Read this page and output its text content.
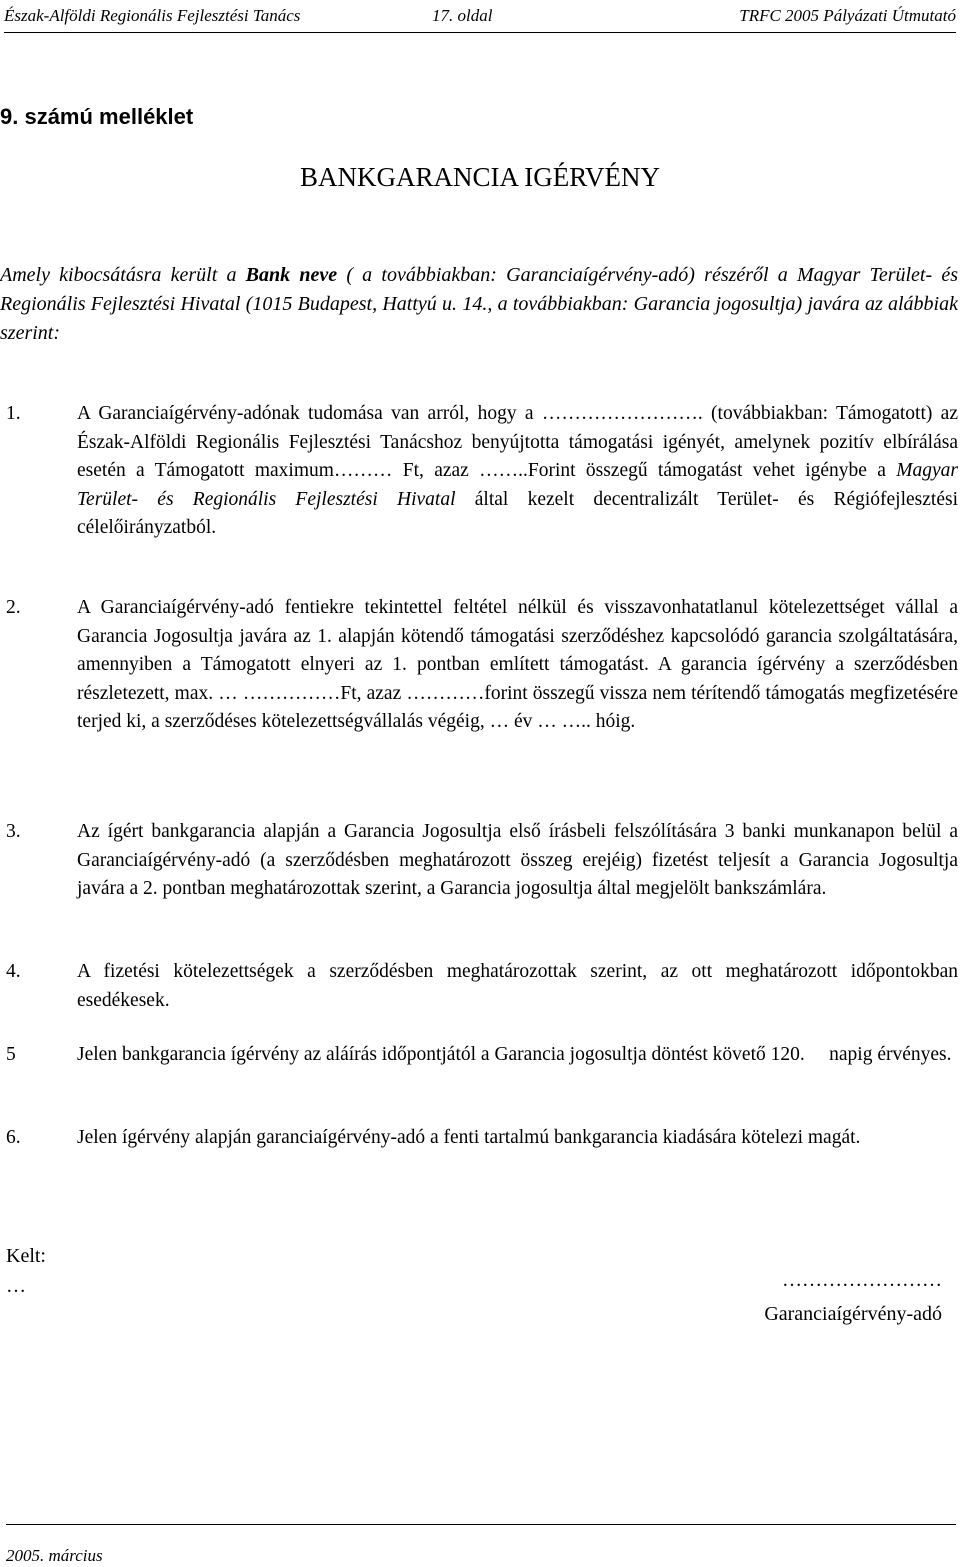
Észak-Alföldi Regionális Fejlesztési Tanács	17. oldal	TRFC 2005 Pályázati Útmutató
9. számú melléklet
BANKGARANCIA IGÉRVÉNY
Amely kibocsátásra került a Bank neve ( a továbbiakban: Garanciaígérvény-adó) részéről a Magyar Terület- és Regionális Fejlesztési Hivatal (1015 Budapest, Hattyú u. 14., a továbbiakban: Garancia jogosultja) javára az alábbiak szerint:
1.	A Garanciaígérvény-adónak tudomása van arról, hogy a ……………………. (továbbiakban: Támogatott) az Észak-Alföldi Regionális Fejlesztési Tanácshoz benyújtotta támogatási igényét, amelynek pozitív elbírálása esetén a Támogatott maximum……… Ft, azaz ……..Forint összegű támogatást vehet igénybe a Magyar Terület- és Regionális Fejlesztési Hivatal által kezelt decentralizált Terület- és Régiófejlesztési célelőirányzatból.
2.	A Garanciaígérvény-adó fentiekre tekintettel feltétel nélkül és visszavonhatatlanul kötelezettséget vállal a Garancia Jogosultja javára az 1. alapján kötendő támogatási szerződéshez kapcsolódó garancia szolgáltatására, amennyiben a Támogatott elnyeri az 1. pontban említett támogatást. A garancia ígérvény a szerződésben részletezett, max. … ……………Ft, azaz …………forint összegű vissza nem térítendő támogatás megfizetésére terjed ki, a szerződéses kötelezettségvállalás végéig, … év … ….. hóig.
3.	Az ígért bankgarancia alapján a Garancia Jogosultja első írásbeli felszólítására 3 banki munkanapon belül a Garanciaígérvény-adó (a szerződésben meghatározott összeg erejéig) fizetést teljesít a Garancia Jogosultja javára a 2. pontban meghatározottak szerint, a Garancia jogosultja által megjelölt bankszámlára.
4.	A fizetési kötelezettségek a szerződésben meghatározottak szerint, az ott meghatározott időpontokban esedékesek.
5	Jelen bankgarancia ígérvény az aláírás időpontjától a Garancia jogosultja döntést követő 120.     napig érvényes.
6.	Jelen ígérvény alapján garanciaígérvény-adó a fenti tartalmú bankgarancia kiadására kötelezi magát.
Kelt:
…	……………………
Garanciaígérvény-adó
2005. március
